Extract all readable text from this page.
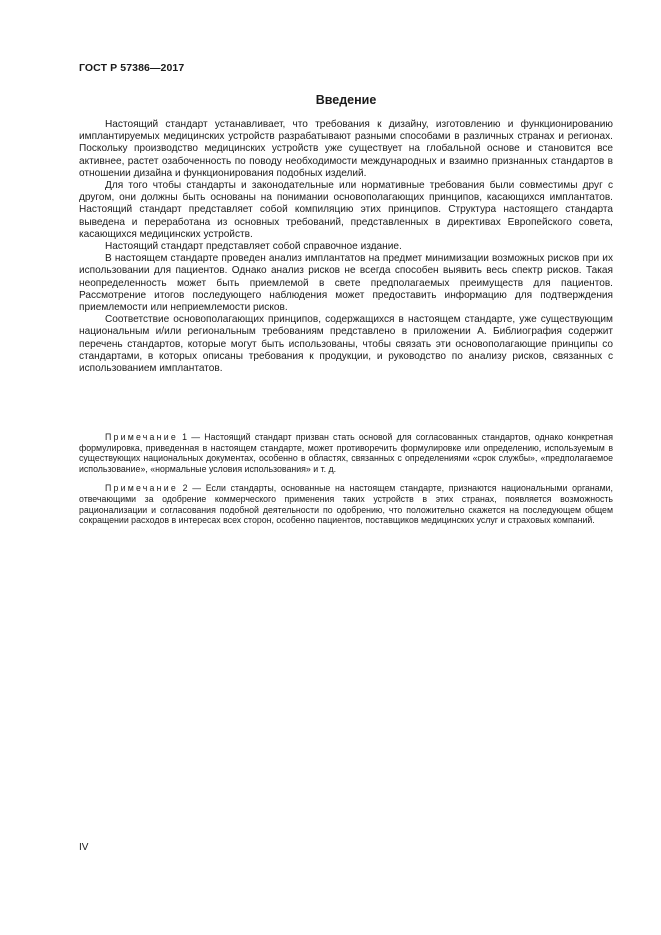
ГОСТ Р 57386—2017
Введение

Настоящий стандарт устанавливает, что требования к дизайну, изготовлению и функционированию имплантируемых медицинских устройств разрабатывают разными способами в различных странах и регионах. Поскольку производство медицинских устройств уже существует на глобальной основе и становится все активнее, растет озабоченность по поводу необходимости международных и взаимно признанных стандартов в отношении дизайна и функционирования подобных изделий.

Для того чтобы стандарты и законодательные или нормативные требования были совместимы друг с другом, они должны быть основаны на понимании основополагающих принципов, касающихся имплантатов. Настоящий стандарт представляет собой компиляцию этих принципов. Структура настоящего стандарта выведена и переработана из основных требований, представленных в директивах Европейского совета, касающихся медицинских устройств.

Настоящий стандарт представляет собой справочное издание.

В настоящем стандарте проведен анализ имплантатов на предмет минимизации возможных рисков при их использовании для пациентов. Однако анализ рисков не всегда способен выявить весь спектр рисков. Такая неопределенность может быть приемлемой в свете предполагаемых преимуществ для пациентов. Рассмотрение итогов последующего наблюдения может предоставить информацию для подтверждения приемлемости или неприемлемости рисков.

Соответствие основополагающих принципов, содержащихся в настоящем стандарте, уже существующим национальным и/или региональным требованиям представлено в приложении А. Библиография содержит перечень стандартов, которые могут быть использованы, чтобы связать эти основополагающие принципы со стандартами, в которых описаны требования к продукции, и руководство по анализу рисков, связанных с использованием имплантатов.

Примечание 1 — Настоящий стандарт призван стать основой для согласованных стандартов, однако конкретная формулировка, приведенная в настоящем стандарте, может противоречить формулировке или определению, используемым в существующих национальных документах, особенно в областях, связанных с определениями «срок службы», «предполагаемое использование», «нормальные условия использования» и т. д.

Примечание 2 — Если стандарты, основанные на настоящем стандарте, признаются национальными органами, отвечающими за одобрение коммерческого применения таких устройств в этих странах, появляется возможность рационализации и согласования подобной деятельности по одобрению, что положительно скажется на последующем общем сокращении расходов в интересах всех сторон, особенно пациентов, поставщиков медицинских услуг и страховых компаний.

IV
